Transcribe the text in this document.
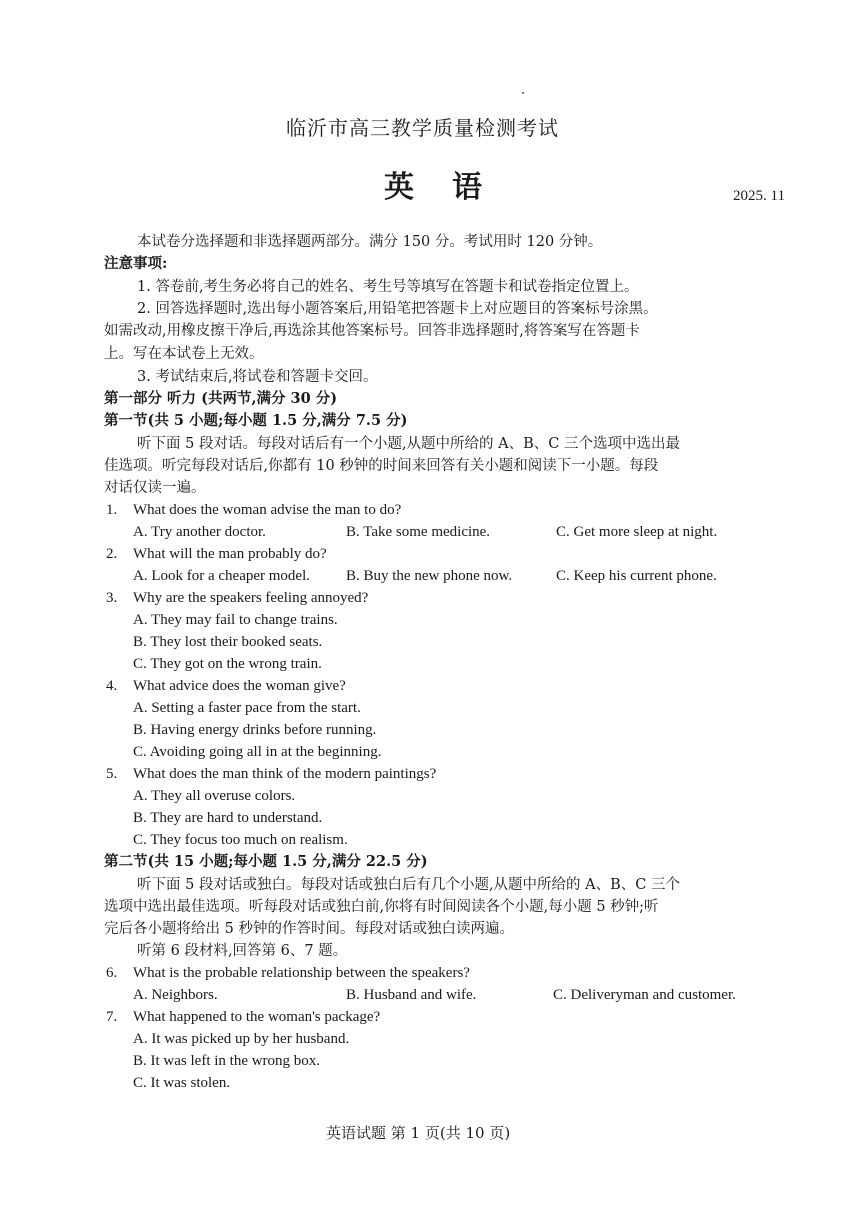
临沂市高三教学质量检测考试
英语	2025. 11
本试卷分选择题和非选择题两部分。满分 150 分。考试用时 120 分钟。
注意事项:
1. 答卷前,考生务必将自己的姓名、考生号等填写在答题卡和试卷指定位置上。
2. 回答选择题时,选出每小题答案后,用铅笔把答题卡上对应题目的答案标号涂黑。
如需改动,用橡皮擦干净后,再选涂其他答案标号。回答非选择题时,将答案写在答题卡
上。写在本试卷上无效。
3. 考试结束后,将试卷和答题卡交回。
第一部分 听力 (共两节,满分 30 分)
第一节(共 5 小题;每小题 1.5 分,满分 7.5 分)
听下面 5 段对话。每段对话后有一个小题,从题中所给的 A、B、C 三个选项中选出最
佳选项。听完每段对话后,你都有 10 秒钟的时间来回答有关小题和阅读下一小题。每段
对话仅读一遍。
1. What does the woman advise the man to do?
A. Try another doctor.	B. Take some medicine.	C. Get more sleep at night.
2. What will the man probably do?
A. Look for a cheaper model. B. Buy the new phone now.	C. Keep his current phone.
3. Why are the speakers feeling annoyed?
A. They may fail to change trains.
B. They lost their booked seats.
C. They got on the wrong train.
4. What advice does the woman give?
A. Setting a faster pace from the start.
B. Having energy drinks before running.
C. Avoiding going all in at the beginning.
5. What does the man think of the modern paintings?
A. They all overuse colors.
B. They are hard to understand.
C. They focus too much on realism.
第二节(共 15 小题;每小题 1.5 分,满分 22.5 分)
听下面 5 段对话或独白。每段对话或独白后有几个小题,从题中所给的 A、B、C 三个
选项中选出最佳选项。听每段对话或独白前,你将有时间阅读各个小题,每小题 5 秒钟;听
完后各小题将给出 5 秒钟的作答时间。每段对话或独白读两遍。
听第 6 段材料,回答第 6、7 题。
6. What is the probable relationship between the speakers?
A. Neighbors.	B. Husband and wife.	C. Deliveryman and customer.
7. What happened to the woman's package?
A. It was picked up by her husband.
B. It was left in the wrong box.
C. It was stolen.
英语试题 第 1 页(共 10 页)
